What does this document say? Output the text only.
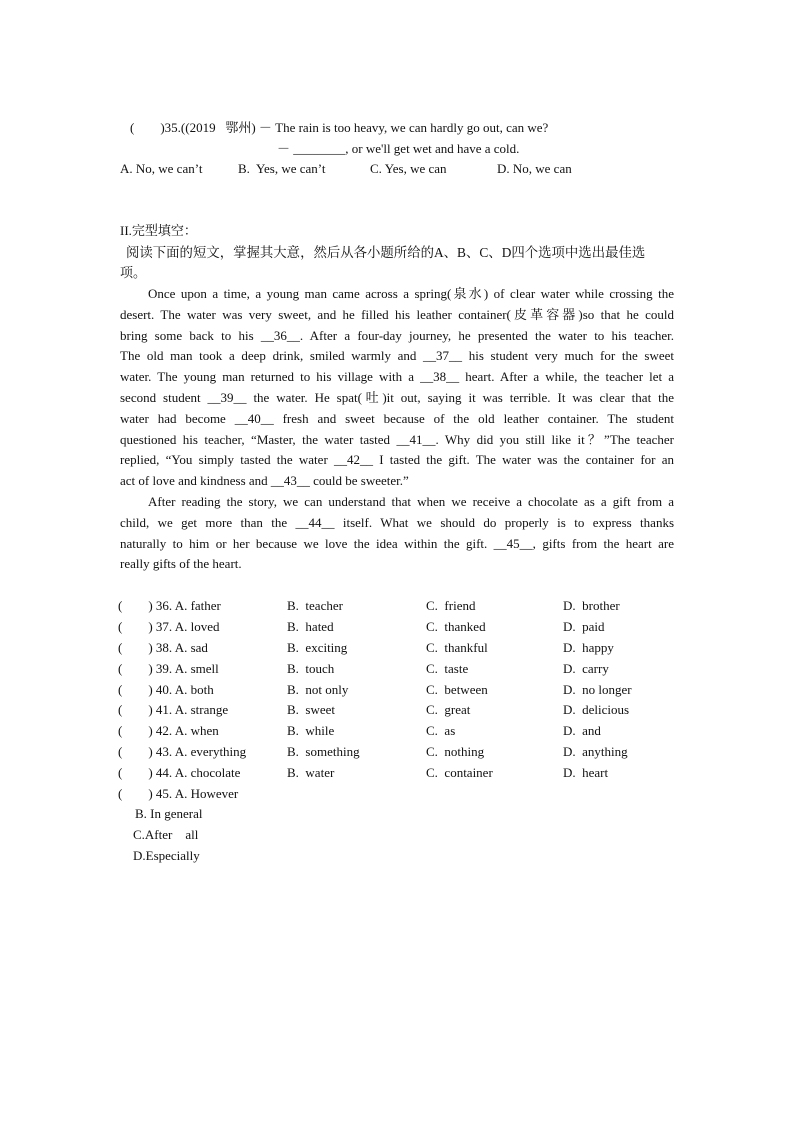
(        )35.((2019   鄂州) － The rain is too heavy, we can hardly go out, can we?
－ ________, or we'll get wet and have a cold.
A. No, we can’t	B.  Yes, we can’t	C. Yes, we can	D. No, we can
II.完型填空：
阅读下面的短文，掌握其大意，然后从各小题所给的A、B、C、D四个选项中选出最佳选
项。
Once upon a time, a young man came across a spring(泉水) of clear water while crossing the
desert. The water was very sweet, and he filled his leather container(皮革容器)so that he could
bring some back to his __36__. After a four-day journey, he presented the water to his teacher.
The old man took a deep drink, smiled warmly and __37__ his student very much for the sweet
water. The young man returned to his village with a __38__ heart. After a while, the teacher let a
second student __39__ the water. He spat(吐)it out, saying it was terrible. It was clear that the
water had become __40__ fresh and sweet because of the old leather container. The student
questioned his teacher, “Master, the water tasted __41__. Why did you still like it？”The teacher
replied, “You simply tasted the water __42__ I tasted the gift. The water was the container for an
act of love and kindness and __43__ could be sweeter.”
After reading the story, we can understand that when we receive a chocolate as a gift from a
child, we get more than the __44__ itself. What we should do properly is to express thanks
naturally to him or her because we love the idea within the gift. __45__, gifts from the heart are
really gifts of the heart.
(        ) 36. A. father	B.  teacher	C.  friend	D.  brother
(        ) 37. A. loved	B.  hated	C.  thanked	D.  paid
(        ) 38. A. sad	B.  exciting	C.  thankful	D.  happy
(        ) 39. A. smell	B.  touch	C.  taste	D.  carry
(        ) 40. A. both	B.  not only	C.  between	D.  no longer
(        ) 41. A. strange	B.  sweet	C.  great	D.  delicious
(        ) 42. A. when	B.  while	C.  as	D.  and
(        ) 43. A. everything	B.  something	C.  nothing	D.  anything
(        ) 44. A. chocolate	B.  water	C.  container	D.  heart
(        ) 45. A. However
B. In general
C.After    all
D.Especially
